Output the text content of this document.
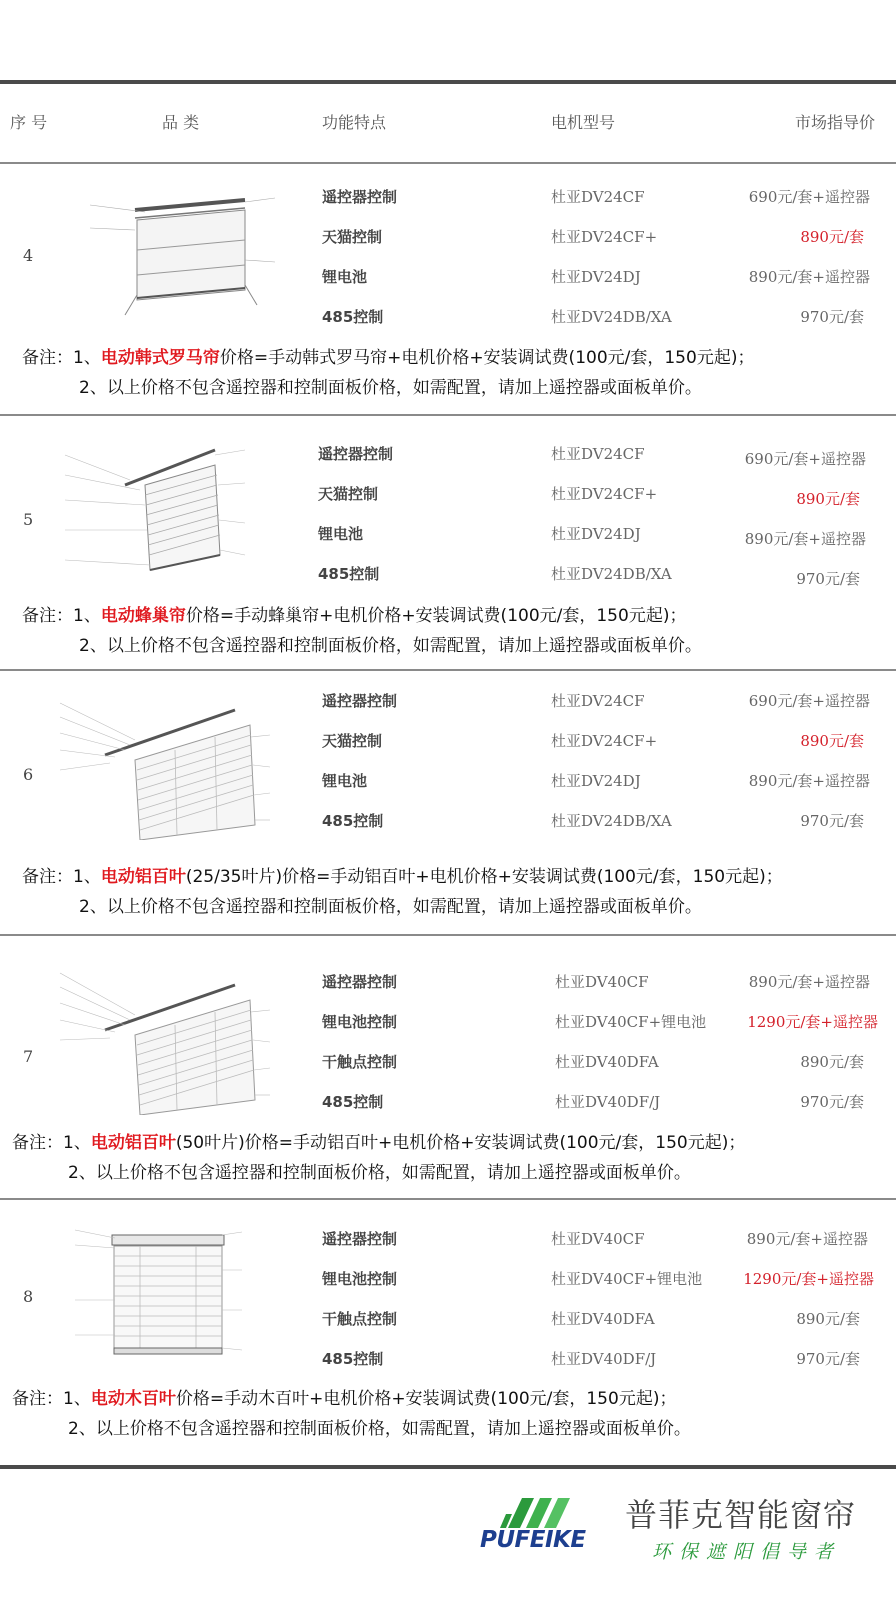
序 号	品 类	功能特点	电机型号	市场指导价
4
遥控器控制	杜亚DV24CF	690元/套+遥控器
天猫控制	杜亚DV24CF+	890元/套
锂电池	杜亚DV24DJ	890元/套+遥控器
485控制	杜亚DV24DB/XA	970元/套
备注：1、电动韩式罗马帘价格=手动韩式罗马帘+电机价格+安装调试费(100元/套，150元起)；
2、以上价格不包含遥控器和控制面板价格，如需配置，请加上遥控器或面板单价。
5
遥控器控制	杜亚DV24CF	690元/套+遥控器
天猫控制	杜亚DV24CF+	890元/套
锂电池	杜亚DV24DJ	890元/套+遥控器
485控制	杜亚DV24DB/XA	970元/套
备注：1、电动蜂巢帘价格=手动蜂巢帘+电机价格+安装调试费(100元/套，150元起)；
2、以上价格不包含遥控器和控制面板价格，如需配置，请加上遥控器或面板单价。
6
遥控器控制	杜亚DV24CF	690元/套+遥控器
天猫控制	杜亚DV24CF+	890元/套
锂电池	杜亚DV24DJ	890元/套+遥控器
485控制	杜亚DV24DB/XA	970元/套
备注：1、电动铝百叶(25/35叶片)价格=手动铝百叶+电机价格+安装调试费(100元/套，150元起)；
2、以上价格不包含遥控器和控制面板价格，如需配置，请加上遥控器或面板单价。
7
遥控器控制	杜亚DV40CF	890元/套+遥控器
锂电池控制	杜亚DV40CF+锂电池	1290元/套+遥控器
干触点控制	杜亚DV40DFA	890元/套
485控制	杜亚DV40DF/J	970元/套
备注：1、电动铝百叶(50叶片)价格=手动铝百叶+电机价格+安装调试费(100元/套，150元起)；
2、以上价格不包含遥控器和控制面板价格，如需配置，请加上遥控器或面板单价。
8
遥控器控制	杜亚DV40CF	890元/套+遥控器
锂电池控制	杜亚DV40CF+锂电池	1290元/套+遥控器
干触点控制	杜亚DV40DFA	890元/套
485控制	杜亚DV40DF/J	970元/套
备注：1、电动木百叶价格=手动木百叶+电机价格+安装调试费(100元/套，150元起)；
2、以上价格不包含遥控器和控制面板价格，如需配置，请加上遥控器或面板单价。
PUFEIKE
普菲克智能窗帘
环保遮阳倡导者
